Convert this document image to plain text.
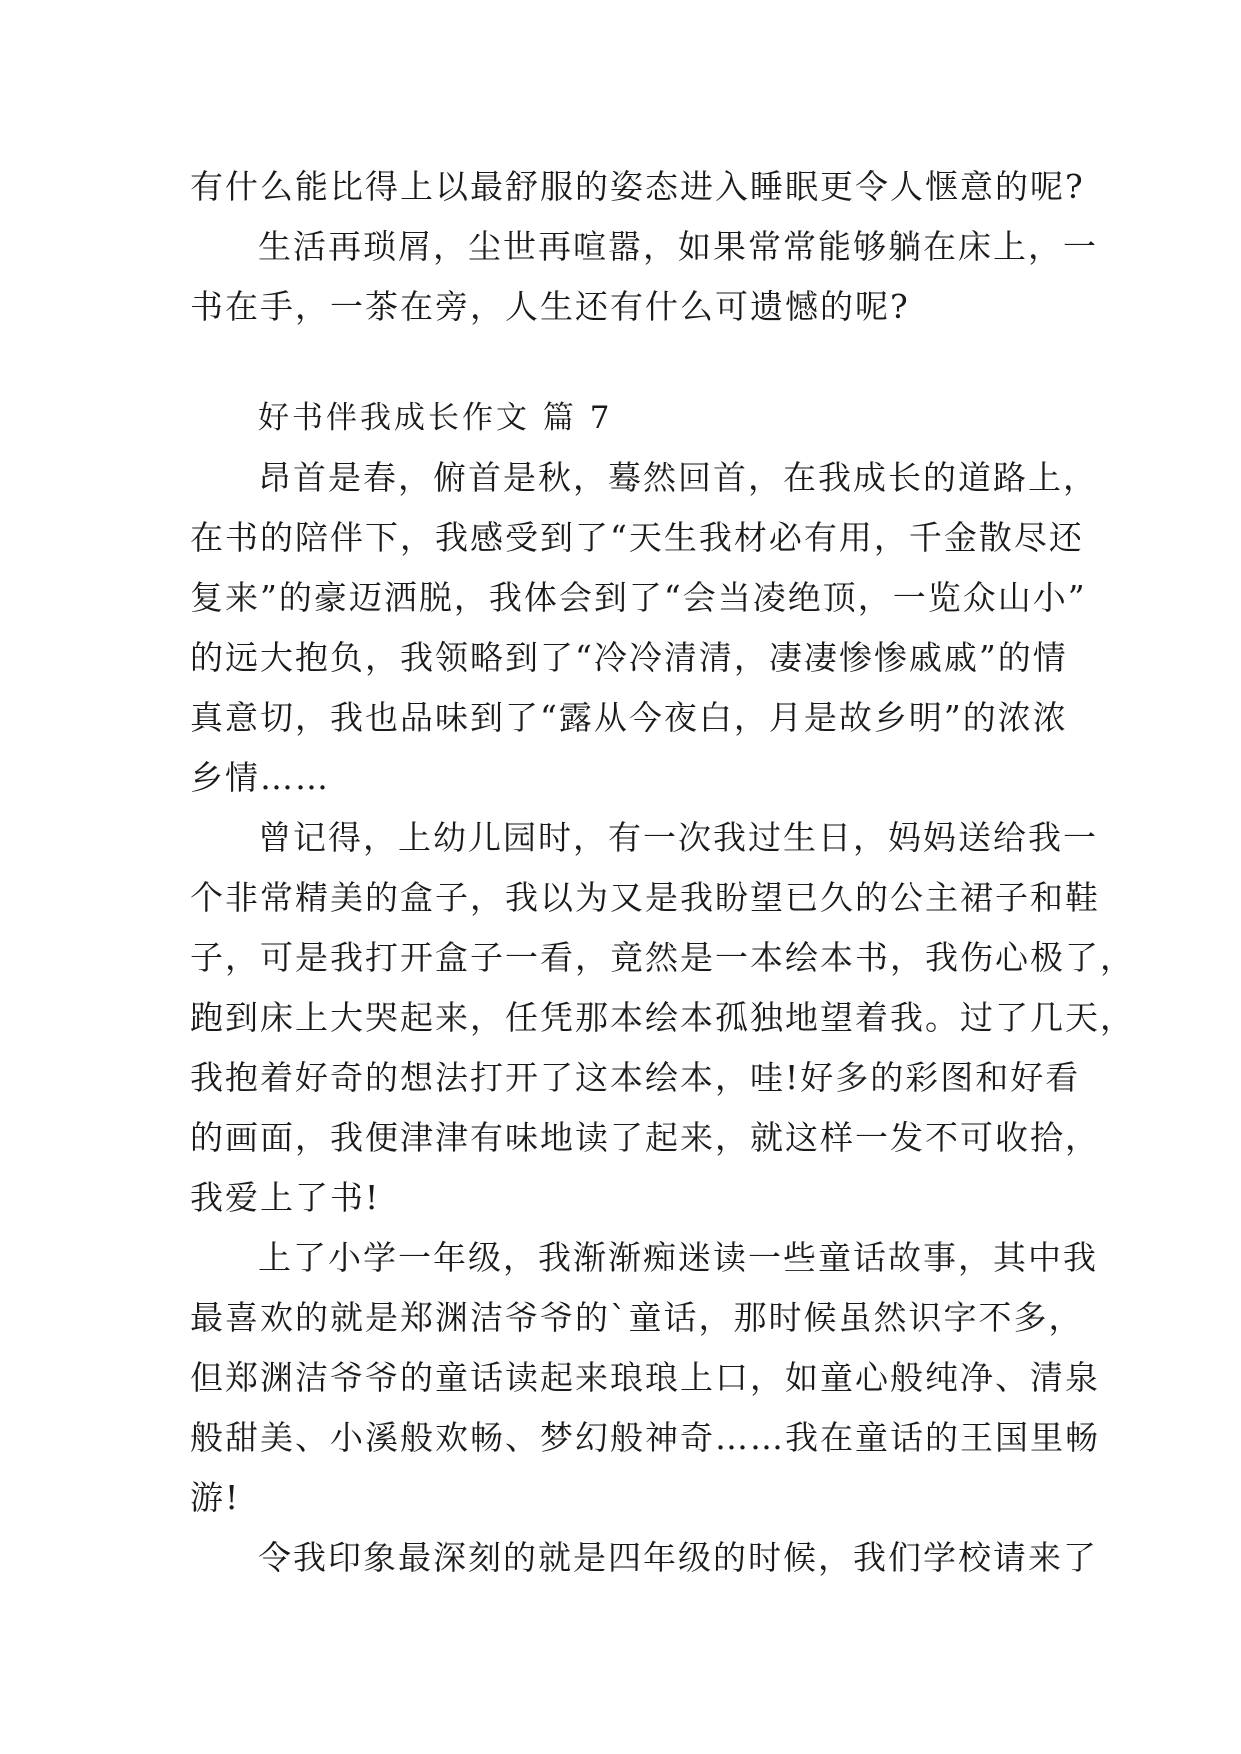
有什么能比得上以最舒服的姿态进入睡眠更令人惬意的呢?
生活再琐屑，尘世再喧嚣，如果常常能够躺在床上，一
书在手，一茶在旁，人生还有什么可遗憾的呢?
好书伴我成长作文 篇 7
昂首是春，俯首是秋，蓦然回首，在我成长的道路上，
在书的陪伴下，我感受到了“天生我材必有用，千金散尽还
复来”的豪迈洒脱，我体会到了“会当凌绝顶，一览众山小”
的远大抱负，我领略到了“冷冷清清，凄凄惨惨戚戚”的情
真意切，我也品味到了“露从今夜白，月是故乡明”的浓浓
乡情……
曾记得，上幼儿园时，有一次我过生日，妈妈送给我一
个非常精美的盒子，我以为又是我盼望已久的公主裙子和鞋
子，可是我打开盒子一看，竟然是一本绘本书，我伤心极了，
跑到床上大哭起来，任凭那本绘本孤独地望着我。过了几天，
我抱着好奇的想法打开了这本绘本，哇!好多的彩图和好看
的画面，我便津津有味地读了起来，就这样一发不可收拾，
我爱上了书!
上了小学一年级，我渐渐痴迷读一些童话故事，其中我
最喜欢的就是郑渊洁爷爷的`童话，那时候虽然识字不多，
但郑渊洁爷爷的童话读起来琅琅上口，如童心般纯净、清泉
般甜美、小溪般欢畅、梦幻般神奇……我在童话的王国里畅
游!
令我印象最深刻的就是四年级的时候，我们学校请来了
